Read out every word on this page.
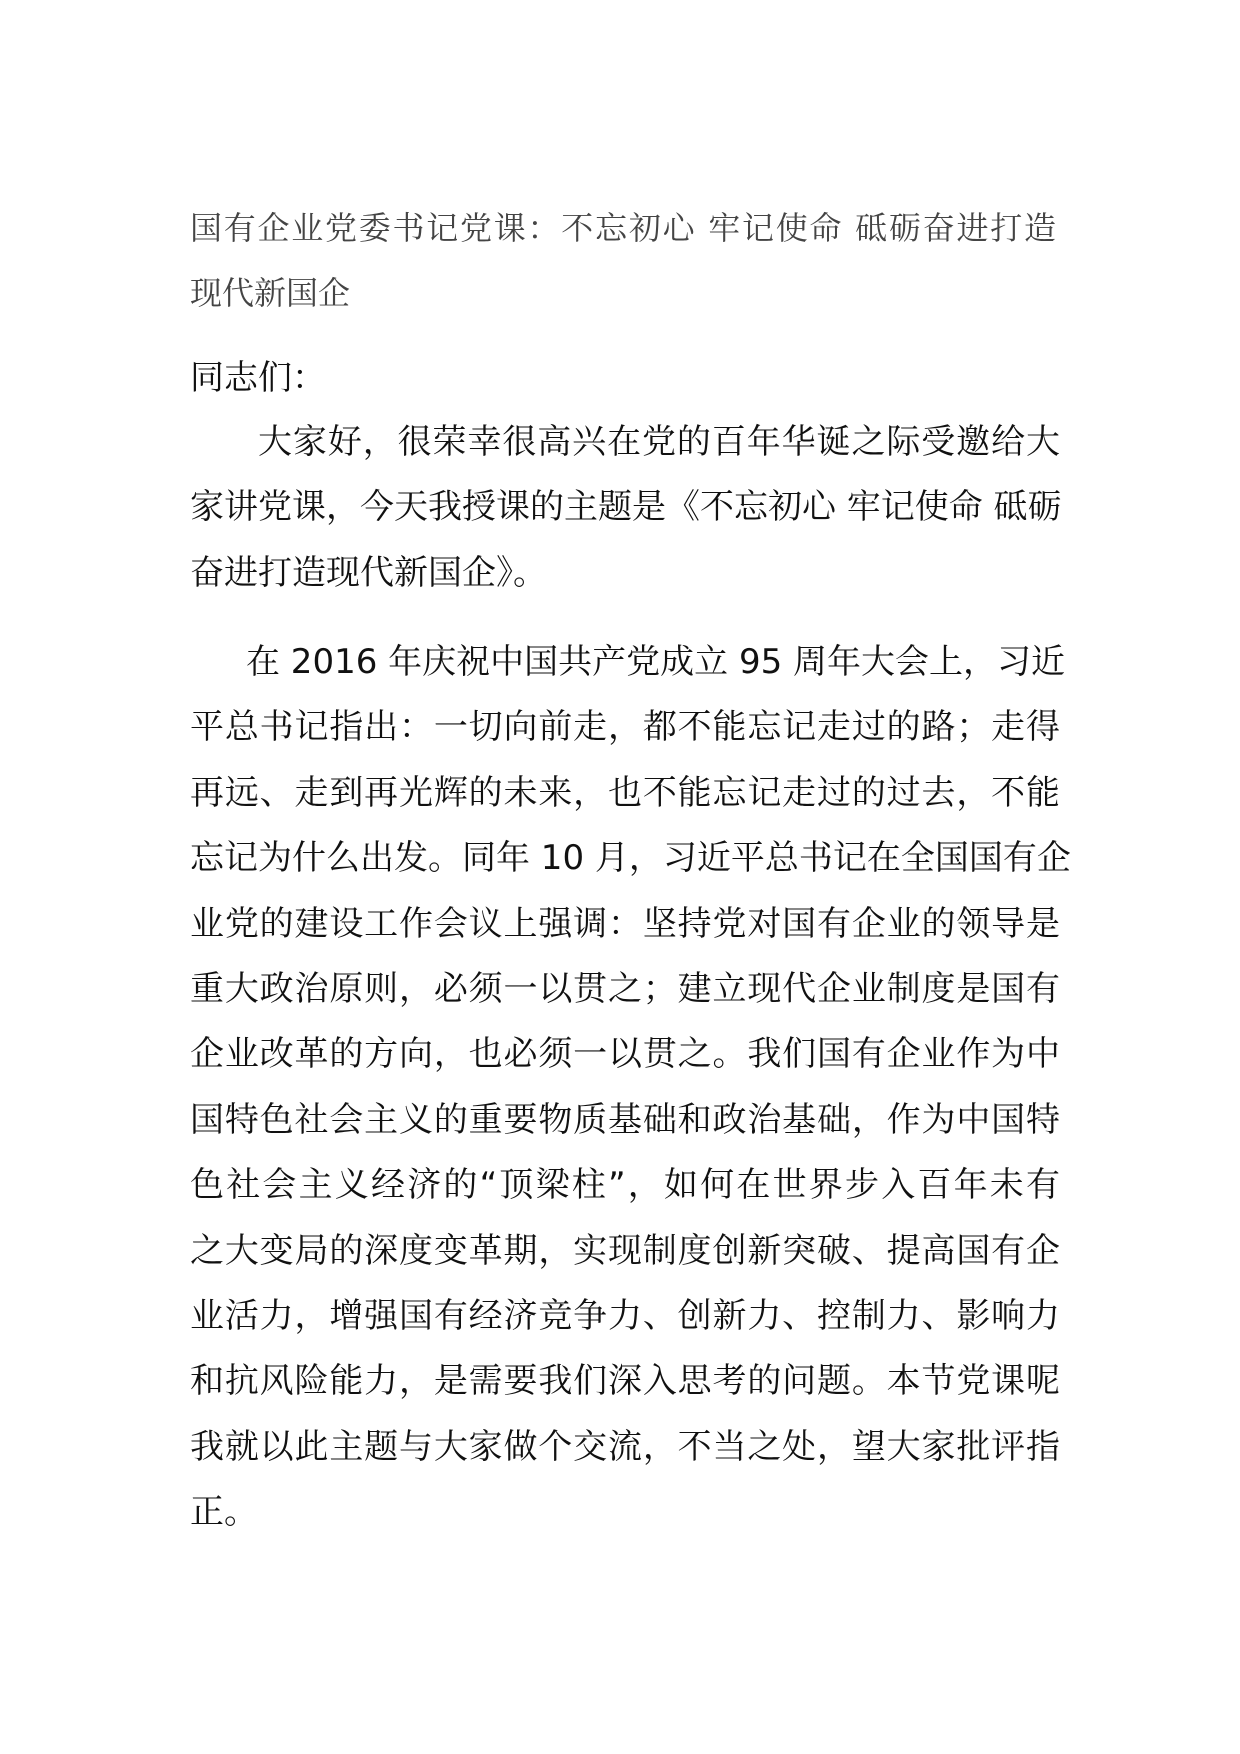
国有企业党委书记党课：不忘初心 牢记使命 砥砺奋进打造
现代新国企
同志们：
大家好，很荣幸很高兴在党的百年华诞之际受邀给大
家讲党课，今天我授课的主题是《不忘初心 牢记使命 砥砺
奋进打造现代新国企》。
在 2016 年庆祝中国共产党成立 95 周年大会上，习近
平总书记指出：一切向前走，都不能忘记走过的路；走得
再远、走到再光辉的未来，也不能忘记走过的过去，不能
忘记为什么出发。同年 10 月，习近平总书记在全国国有企
业党的建设工作会议上强调：坚持党对国有企业的领导是
重大政治原则，必须一以贯之；建立现代企业制度是国有
企业改革的方向，也必须一以贯之。我们国有企业作为中
国特色社会主义的重要物质基础和政治基础，作为中国特
色社会主义经济的“顶梁柱”，如何在世界步入百年未有
之大变局的深度变革期，实现制度创新突破、提高国有企
业活力，增强国有经济竞争力、创新力、控制力、影响力
和抗风险能力，是需要我们深入思考的问题。本节党课呢
我就以此主题与大家做个交流，不当之处，望大家批评指
正。
